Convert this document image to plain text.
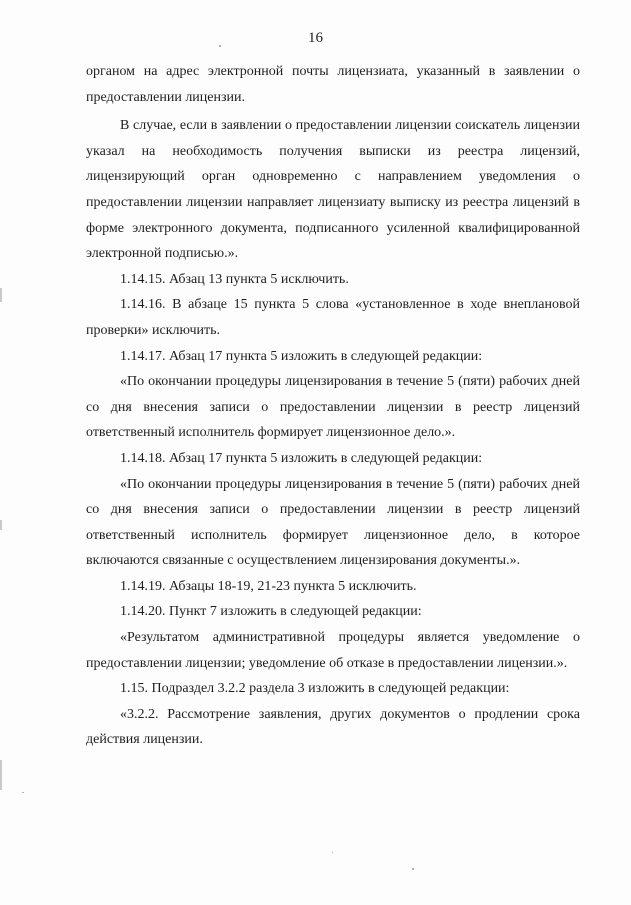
16

органом на адрес электронной почты лицензиата, указанный в заявлении о предоставлении лицензии.

В случае, если в заявлении о предоставлении лицензии соискатель лицензии указал на необходимость получения выписки из реестра лицензий, лицензирующий орган одновременно с направлением уведомления о предоставлении лицензии направляет лицензиату выписку из реестра лицензий в форме электронного документа, подписанного усиленной квалифицированной электронной подписью.».

1.14.15. Абзац 13 пункта 5 исключить.

1.14.16. В абзаце 15 пункта 5 слова «установленное в ходе внеплановой проверки» исключить.

1.14.17. Абзац 17 пункта 5 изложить в следующей редакции:

«По окончании процедуры лицензирования в течение 5 (пяти) рабочих дней со дня внесения записи о предоставлении лицензии в реестр лицензий ответственный исполнитель формирует лицензионное дело.».

1.14.18. Абзац 17 пункта 5 изложить в следующей редакции:

«По окончании процедуры лицензирования в течение 5 (пяти) рабочих дней со дня внесения записи о предоставлении лицензии в реестр лицензий ответственный исполнитель формирует лицензионное дело, в которое включаются связанные с осуществлением лицензирования документы.».

1.14.19. Абзацы 18-19, 21-23 пункта 5 исключить.

1.14.20. Пункт 7 изложить в следующей редакции:

«Результатом административной процедуры является уведомление о предоставлении лицензии; уведомление об отказе в предоставлении лицензии.».

1.15. Подраздел 3.2.2 раздела 3 изложить в следующей редакции:

«3.2.2. Рассмотрение заявления, других документов о продлении срока действия лицензии.
